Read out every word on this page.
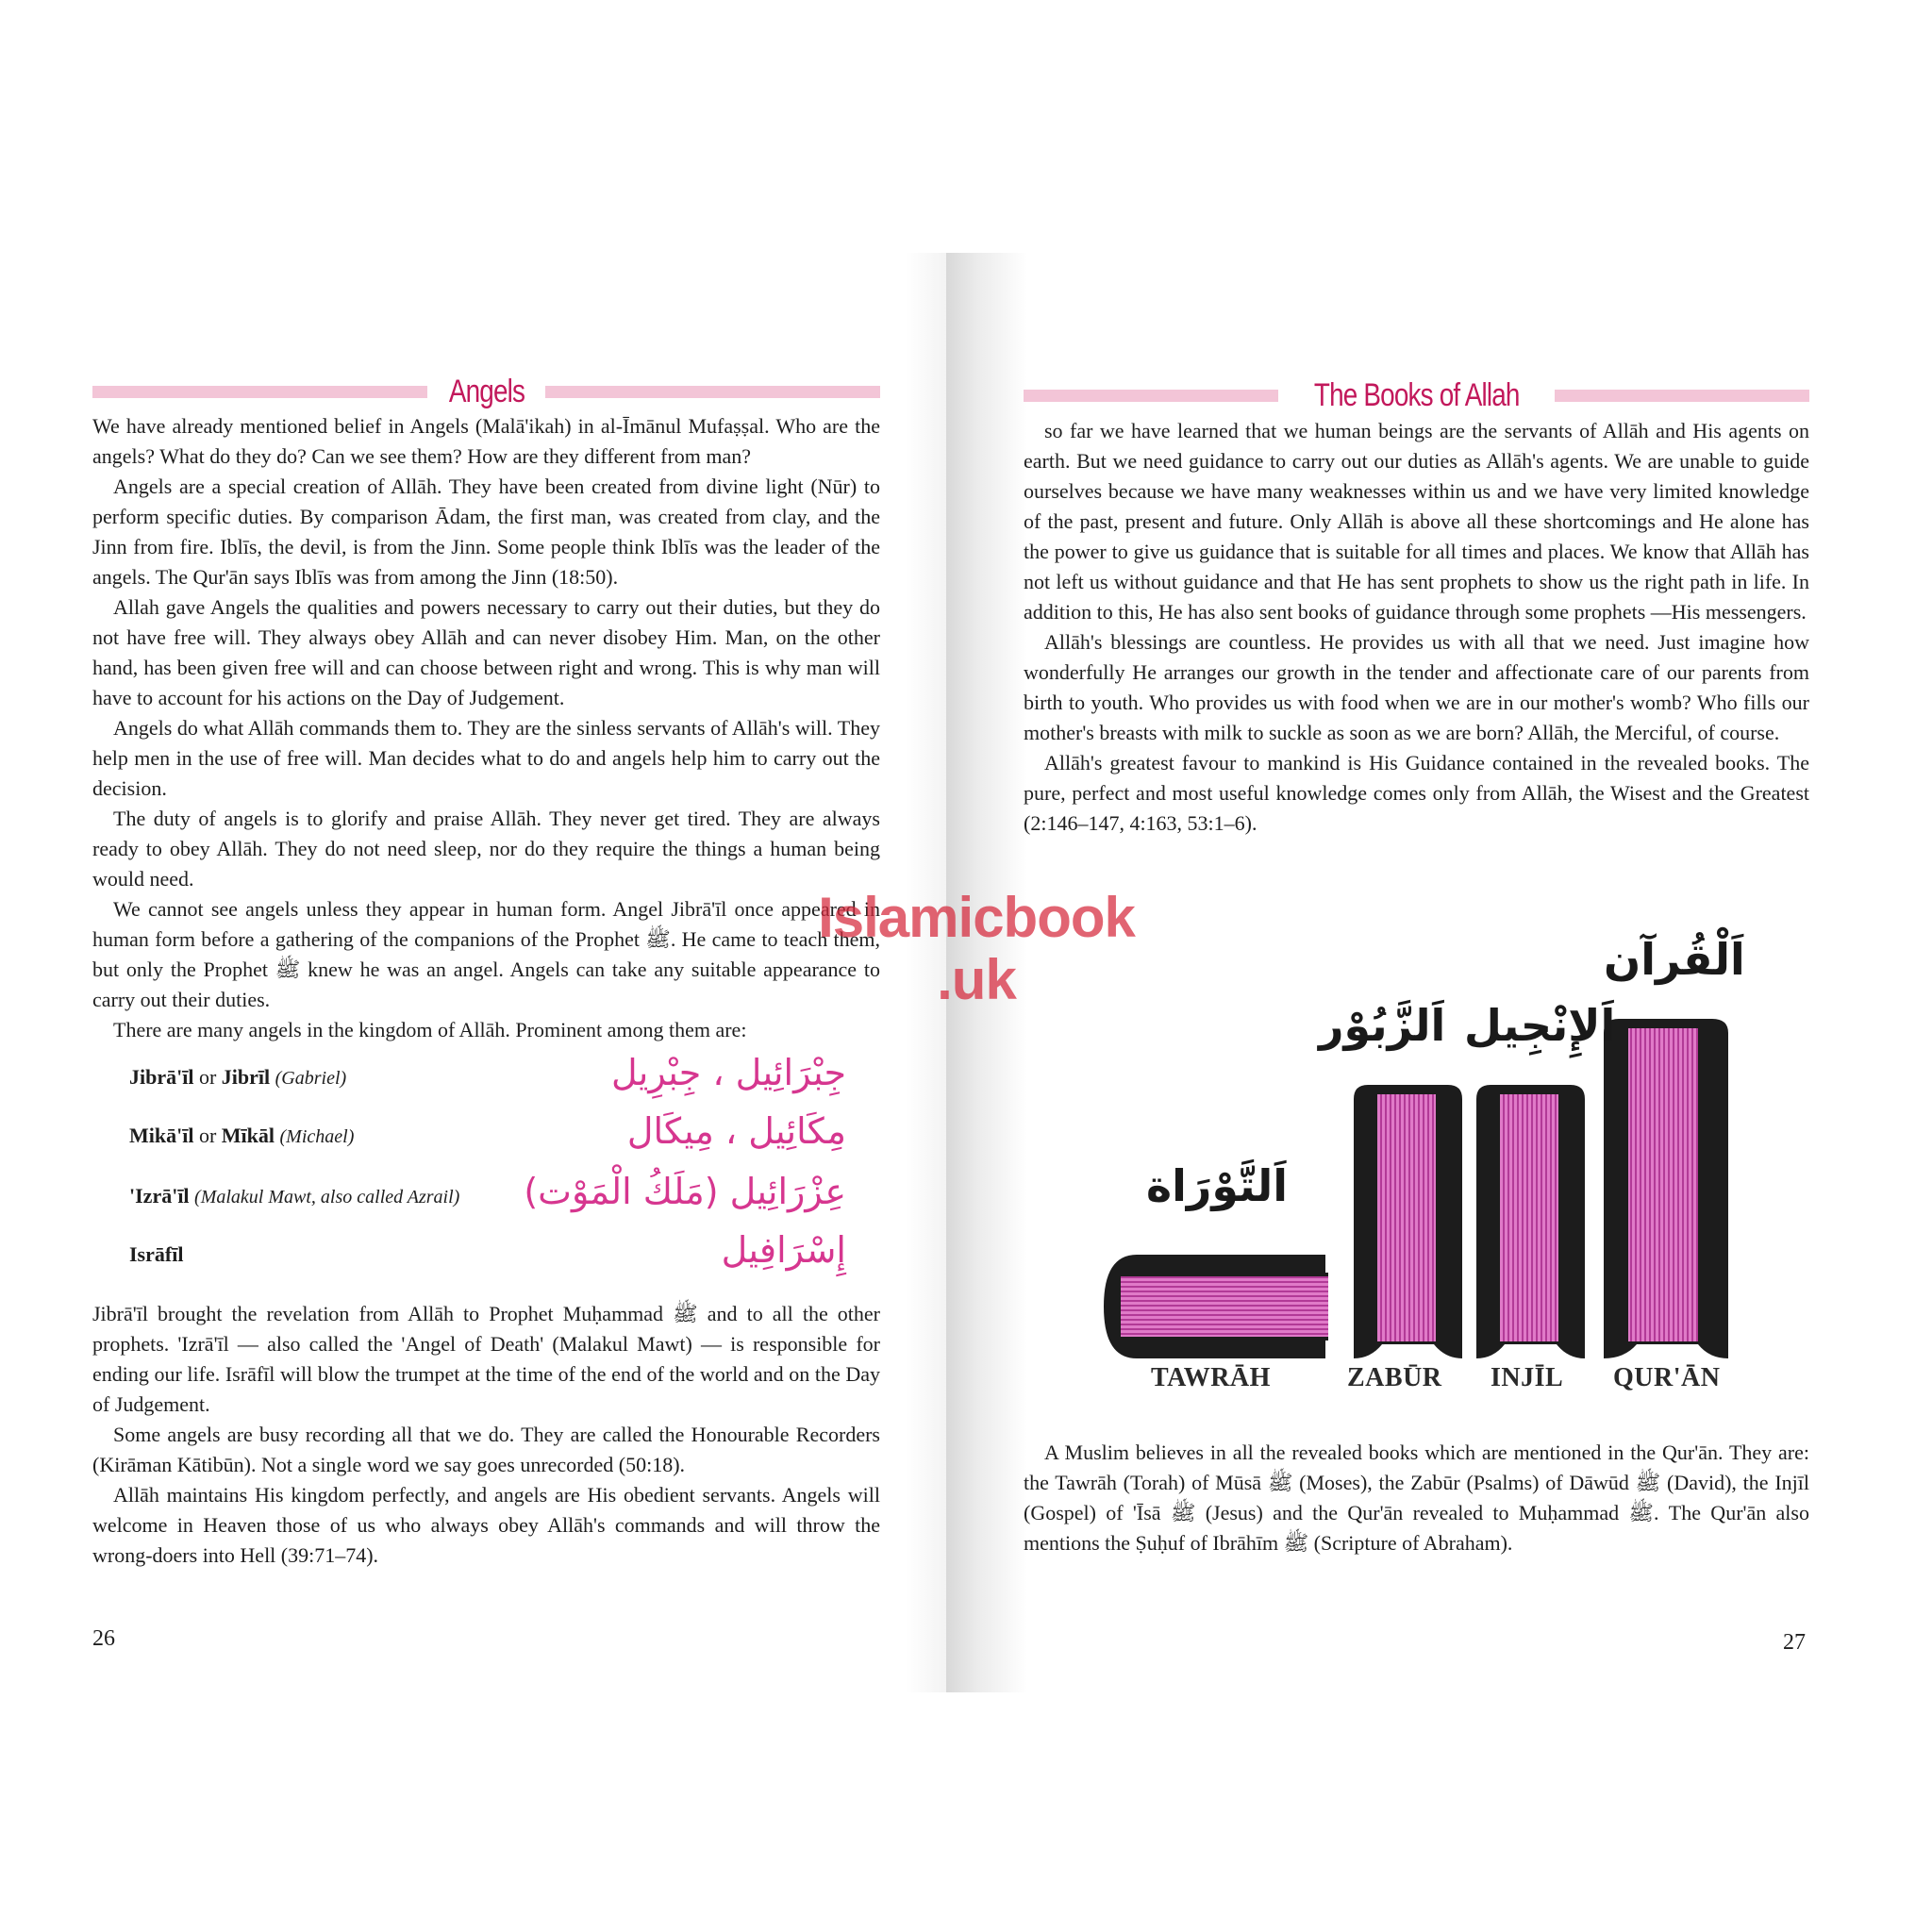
Angels

We have already mentioned belief in Angels (Malā'ikah) in al-Īmānul Mufaṣṣal. Who are the angels? What do they do? Can we see them? How are they different from man?

Angels are a special creation of Allāh. They have been created from divine light (Nūr) to perform specific duties. By comparison Ādam, the first man, was created from clay, and the Jinn from fire. Iblīs, the devil, is from the Jinn. Some people think Iblīs was the leader of the angels. The Qur'ān says Iblīs was from among the Jinn (18:50).

Allah gave Angels the qualities and powers necessary to carry out their duties, but they do not have free will. They always obey Allāh and can never disobey Him. Man, on the other hand, has been given free will and can choose between right and wrong. This is why man will have to account for his actions on the Day of Judgement.

Angels do what Allāh commands them to. They are the sinless servants of Allāh's will. They help men in the use of free will. Man decides what to do and angels help him to carry out the decision.

The duty of angels is to glorify and praise Allāh. They never get tired. They are always ready to obey Allāh. They do not need sleep, nor do they require the things a human being would need.

We cannot see angels unless they appear in human form. Angel Jibrā'īl once appeared in human form before a gathering of the companions of the Prophet ﷺ. He came to teach them, but only the Prophet ﷺ knew he was an angel. Angels can take any suitable appearance to carry out their duties.

There are many angels in the kingdom of Allāh. Prominent among them are:

Jibrā'īl or Jibrīl (Gabriel)	جِبْرَائِيل ، جِبْرِيل
Mikā'īl or Mīkāl (Michael)	مِكَائِيل ، مِيكَال
'Izrā'īl (Malakul Mawt, also called Azrail) عِزْرَائِيل (مَلَكُ الْمَوْت)
Isrāfīl	إِسْرَافِيل

Jibrā'īl brought the revelation from Allāh to Prophet Muḥammad ﷺ and to all the other prophets. 'Izrā'īl — also called the 'Angel of Death' (Malakul Mawt) — is responsible for ending our life. Isrāfīl will blow the trumpet at the time of the end of the world and on the Day of Judgement.

Some angels are busy recording all that we do. They are called the Honourable Recorders (Kirāman Kātibūn). Not a single word we say goes unrecorded (50:18).

Allāh maintains His kingdom perfectly, and angels are His obedient servants. Angels will welcome in Heaven those of us who always obey Allāh's commands and will throw the wrong-doers into Hell (39:71–74).

26
The Books of Allah

so far we have learned that we human beings are the servants of Allāh and His agents on earth. But we need guidance to carry out our duties as Allāh's agents. We are unable to guide ourselves because we have many weaknesses within us and we have very limited knowledge of the past, present and future. Only Allāh is above all these shortcomings and He alone has the power to give us guidance that is suitable for all times and places. We know that Allāh has not left us without guidance and that He has sent prophets to show us the right path in life. In addition to this, He has also sent books of guidance through some prophets —His messengers.

Allāh's blessings are countless. He provides us with all that we need. Just imagine how wonderfully He arranges our growth in the tender and affectionate care of our parents from birth to youth. Who provides us with food when we are in our mother's womb? Who fills our mother's breasts with milk to suckle as soon as we are born? Allāh, the Merciful, of course.

Allāh's greatest favour to mankind is His Guidance contained in the revealed books. The pure, perfect and most useful knowledge comes only from Allāh, the Wisest and the Greatest (2:146–147, 4:163, 53:1–6).

اَلتَّوْرَاة
اَلزَّبُوْر اَلإِنْجِيل
اَلْقُرآن
TAWRĀH	ZABŪR INJĪL QUR'ĀN

A Muslim believes in all the revealed books which are mentioned in the Qur'ān. They are: the Tawrāh (Torah) of Mūsā ﷺ (Moses), the Zabūr (Psalms) of Dāwūd ﷺ (David), the Injīl (Gospel) of 'Īsā ﷺ (Jesus) and the Qur'ān revealed to Muḥammad ﷺ. The Qur'ān also mentions the Ṣuḥuf of Ibrāhīm ﷺ (Scripture of Abraham).

27
Islamicbook
.uk
